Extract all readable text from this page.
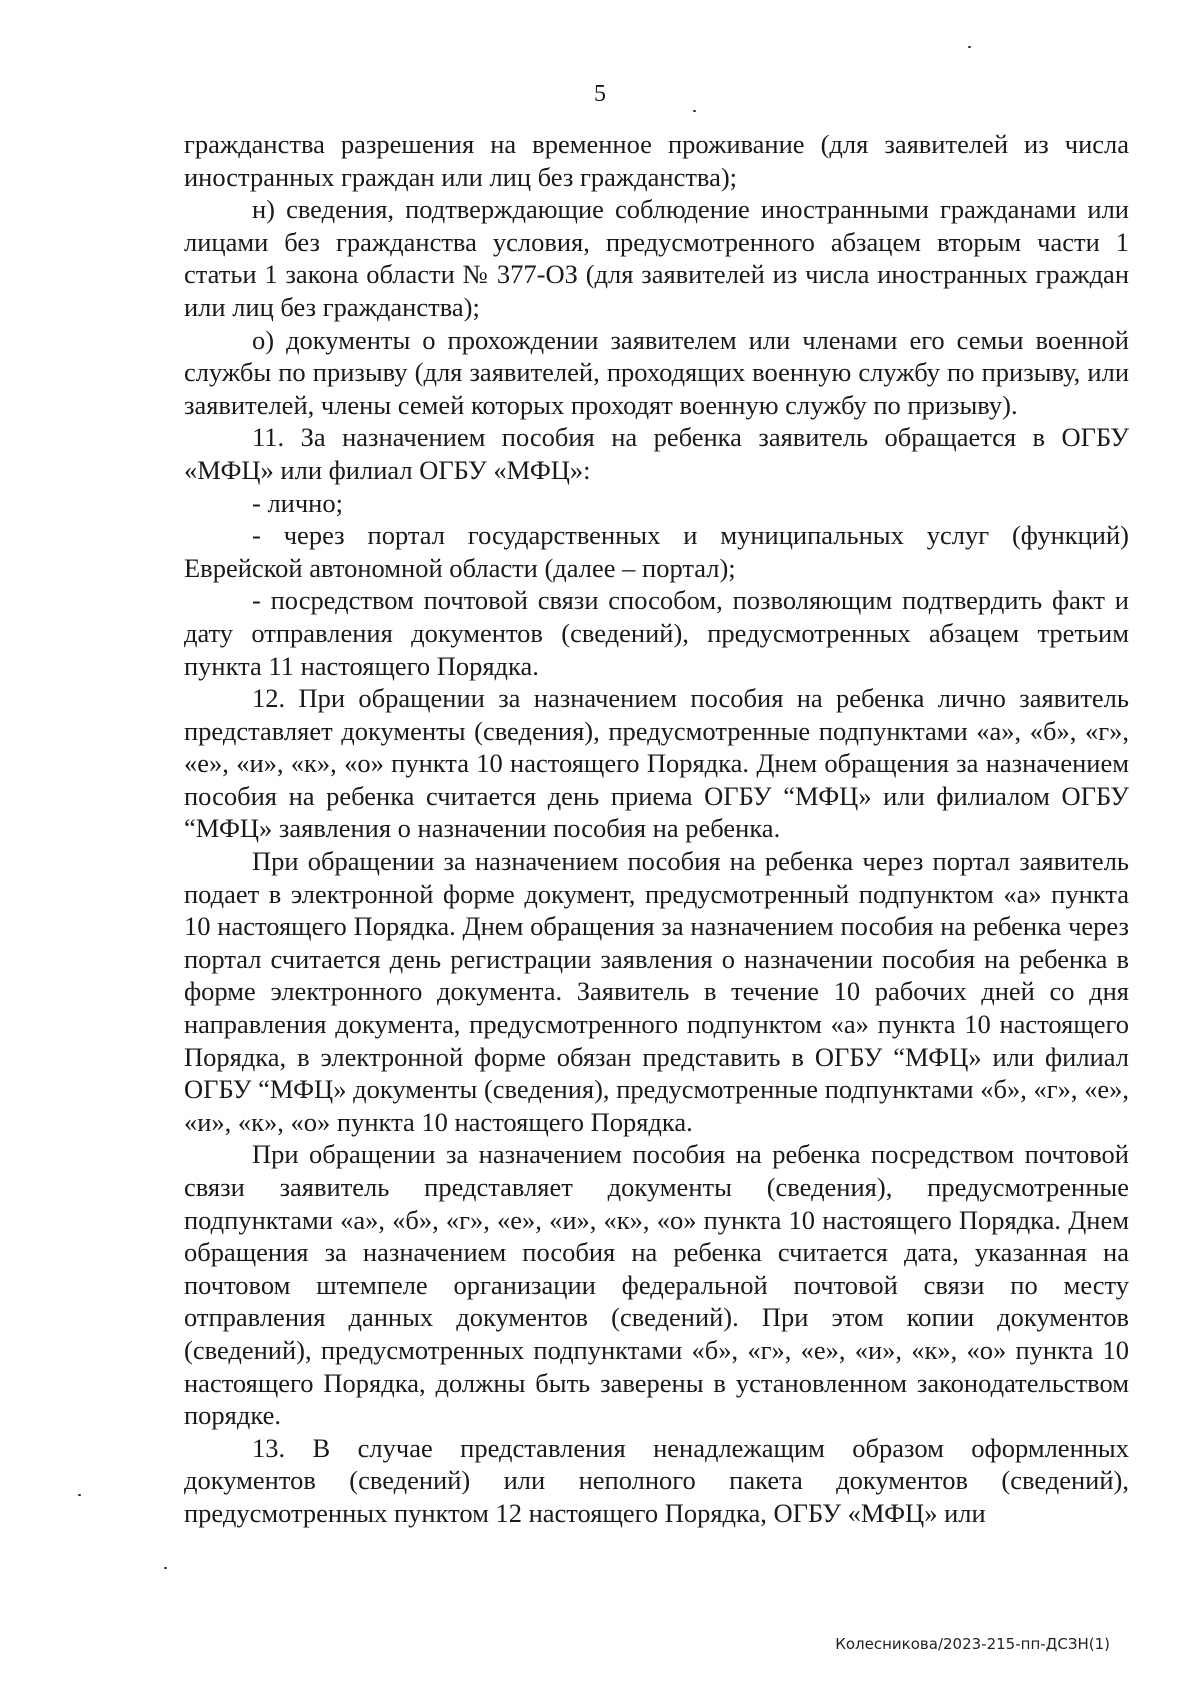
5

гражданства разрешения на временное проживание (для заявителей из числа иностранных граждан или лиц без гражданства);

н) сведения, подтверждающие соблюдение иностранными гражданами или лицами без гражданства условия, предусмотренного абзацем вторым части 1 статьи 1 закона области № 377-ОЗ (для заявителей из числа иностранных граждан или лиц без гражданства);

о) документы о прохождении заявителем или членами его семьи военной службы по призыву (для заявителей, проходящих военную службу по призыву, или заявителей, члены семей которых проходят военную службу по призыву).

11. За назначением пособия на ребенка заявитель обращается в ОГБУ «МФЦ» или филиал ОГБУ «МФЦ»:

- лично;

- через портал государственных и муниципальных услуг (функций) Еврейской автономной области (далее – портал);

- посредством почтовой связи способом, позволяющим подтвердить факт и дату отправления документов (сведений), предусмотренных абзацем третьим пункта 11 настоящего Порядка.

12. При обращении за назначением пособия на ребенка лично заявитель представляет документы (сведения), предусмотренные подпунктами «а», «б», «г», «е», «и», «к», «о» пункта 10 настоящего Порядка. Днем обращения за назначением пособия на ребенка считается день приема ОГБУ “МФЦ» или филиалом ОГБУ “МФЦ» заявления о назначении пособия на ребенка.

При обращении за назначением пособия на ребенка через портал заявитель подает в электронной форме документ, предусмотренный подпунктом «а» пункта 10 настоящего Порядка. Днем обращения за назначением пособия на ребенка через портал считается день регистрации заявления о назначении пособия на ребенка в форме электронного документа. Заявитель в течение 10 рабочих дней со дня направления документа, предусмотренного подпунктом «а» пункта 10 настоящего Порядка, в электронной форме обязан представить в ОГБУ “МФЦ» или филиал ОГБУ “МФЦ» документы (сведения), предусмотренные подпунктами «б», «г», «е», «и», «к», «о» пункта 10 настоящего Порядка.

При обращении за назначением пособия на ребенка посредством почтовой связи заявитель представляет документы (сведения), предусмотренные подпунктами «а», «б», «г», «е», «и», «к», «о» пункта 10 настоящего Порядка. Днем обращения за назначением пособия на ребенка считается дата, указанная на почтовом штемпеле организации федеральной почтовой связи по месту отправления данных документов (сведений). При этом копии документов (сведений), предусмотренных подпунктами «б», «г», «е», «и», «к», «о» пункта 10 настоящего Порядка, должны быть заверены в установленном законодательством порядке.

13. В случае представления ненадлежащим образом оформленных документов (сведений) или неполного пакета документов (сведений), предусмотренных пунктом 12 настоящего Порядка, ОГБУ «МФЦ» или

Колесникова/2023-215-пп-ДСЗН(1)
